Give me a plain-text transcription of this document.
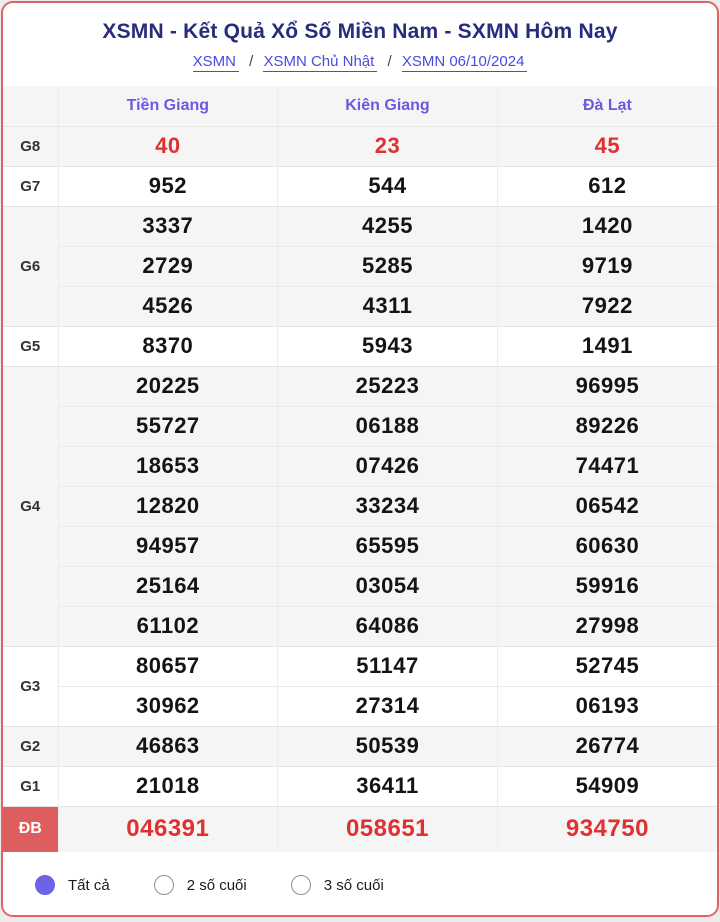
XSMN - Kết Quả Xổ Số Miền Nam - SXMN Hôm Nay
XSMN / XSMN Chủ Nhật / XSMN 06/10/2024
	Tiền Giang	Kiên Giang	Đà Lạt
G8	40	23	45
G7	952	544	612
G6	3337	4255	1420
	2729	5285	9719
	4526	4311	7922
G5	8370	5943	1491
G4	20225	25223	96995
	55727	06188	89226
	18653	07426	74471
	12820	33234	06542
	94957	65595	60630
	25164	03054	59916
	61102	64086	27998
G3	80657	51147	52745
	30962	27314	06193
G2	46863	50539	26774
G1	21018	36411	54909
ĐB	046391	058651	934750
Tất cả	2 số cuối	3 số cuối
